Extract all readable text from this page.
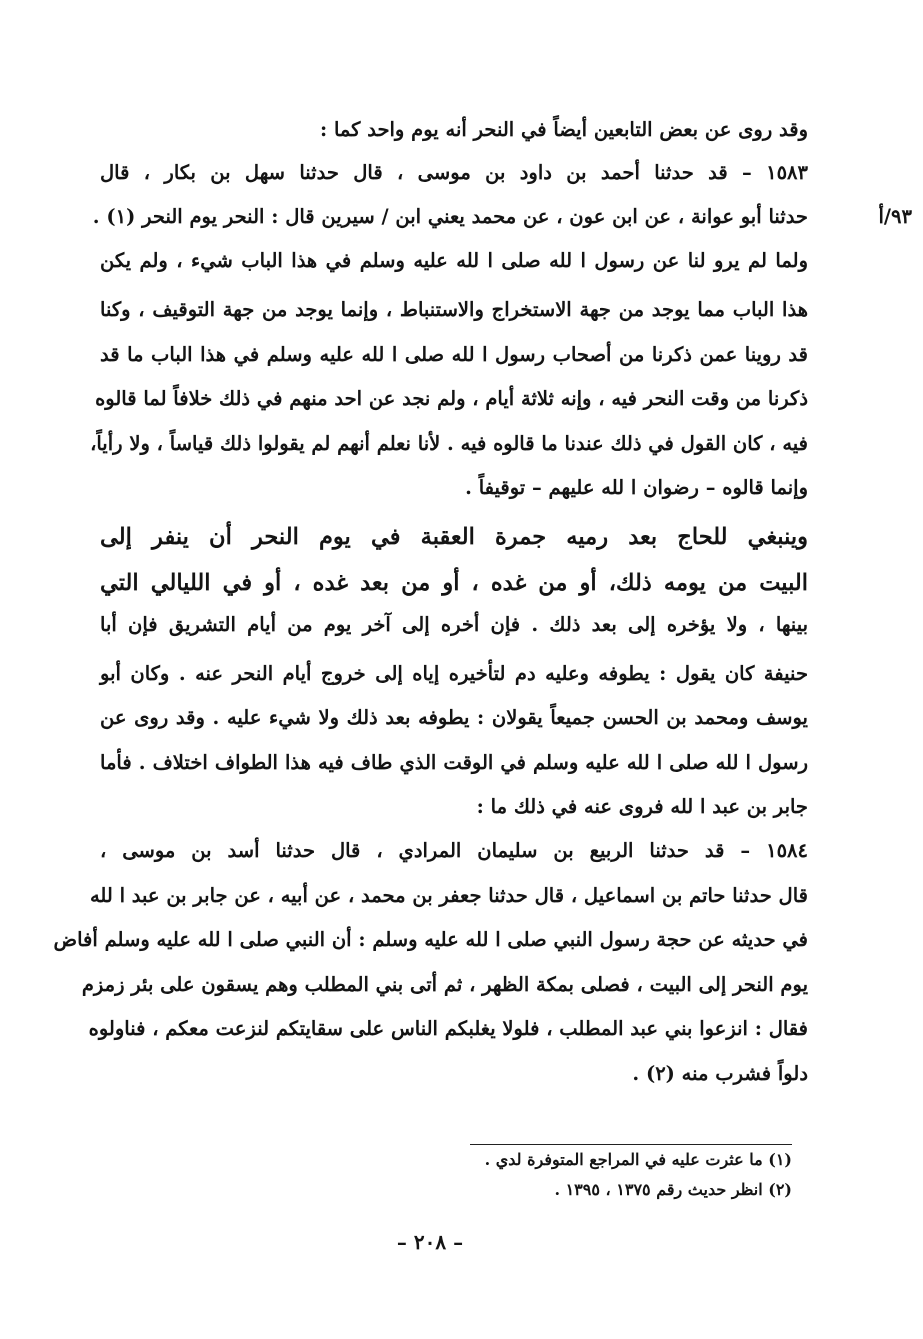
٩٣/أ
– ٢٠٨ –
وقد روى عن بعض التابعين أيضاً في النحر أنه يوم واحد كما :
١٥٨٣ – قد حدثنا أحمد بن داود بن موسى ، قال حدثنا سهل بن بكار ، قال
حدثنا أبو عوانة ، عن ابن عون ، عن محمد يعني ابن / سيرين قال : النحر يوم النحر (١) .
ولما لم يرو لنا عن رسول ا لله صلى ا لله عليه وسلم في هذا الباب شيء ، ولم يكن
هذا الباب مما يوجد من جهة الاستخراج والاستنباط ، وإنما يوجد من جهة التوقيف ، وكنا
قد روينا عمن ذكرنا من أصحاب رسول ا لله صلى ا لله عليه وسلم في هذا الباب ما قد
ذكرنا من وقت النحر فيه ، وإنه ثلاثة أيام ، ولم نجد عن احد منهم في ذلك خلافاً لما قالوه
فيه ، كان القول في ذلك عندنا ما قالوه فيه . لأنا نعلم أنهم لم يقولوا ذلك قياساً ، ولا رأياً،
وإنما قالوه – رضوان ا لله عليهم – توقيفاً .
وينبغي للحاج بعد رميه جمرة العقبة في يوم النحر أن ينفر إلى
البيت من يومه ذلك، أو من غده ، أو من بعد غده ، أو في الليالي التي
بينها ، ولا يؤخره إلى بعد ذلك . فإن أخره إلى آخر يوم من أيام التشريق فإن أبا
حنيفة كان يقول : يطوفه وعليه دم لتأخيره إياه إلى خروج أيام النحر عنه . وكان أبو
يوسف ومحمد بن الحسن جميعاً يقولان : يطوفه بعد ذلك ولا شيء عليه . وقد روى عن
رسول ا لله صلى ا لله عليه وسلم في الوقت الذي طاف فيه هذا الطواف اختلاف . فأما
جابر بن عبد ا لله فروى عنه في ذلك ما :
١٥٨٤ – قد حدثنا الربيع بن سليمان المرادي ، قال حدثنا أسد بن موسى ،
قال حدثنا حاتم بن اسماعيل ، قال حدثنا جعفر بن محمد ، عن أبيه ، عن جابر بن عبد ا لله
في حديثه عن حجة رسول النبي صلى ا لله عليه وسلم : أن النبي صلى ا لله عليه وسلم أفاض
يوم النحر إلى البيت ، فصلى بمكة الظهر ، ثم أتى بني المطلب وهم يسقون على بئر زمزم
فقال : انزعوا بني عبد المطلب ، فلولا يغلبكم الناس على سقايتكم لنزعت معكم ، فناولوه
دلواً فشرب منه (٢) .
(١) ما عثرت عليه في المراجع المتوفرة لدي .
(٢) انظر حديث رقم ١٣٧٥ ، ١٣٩٥ .
